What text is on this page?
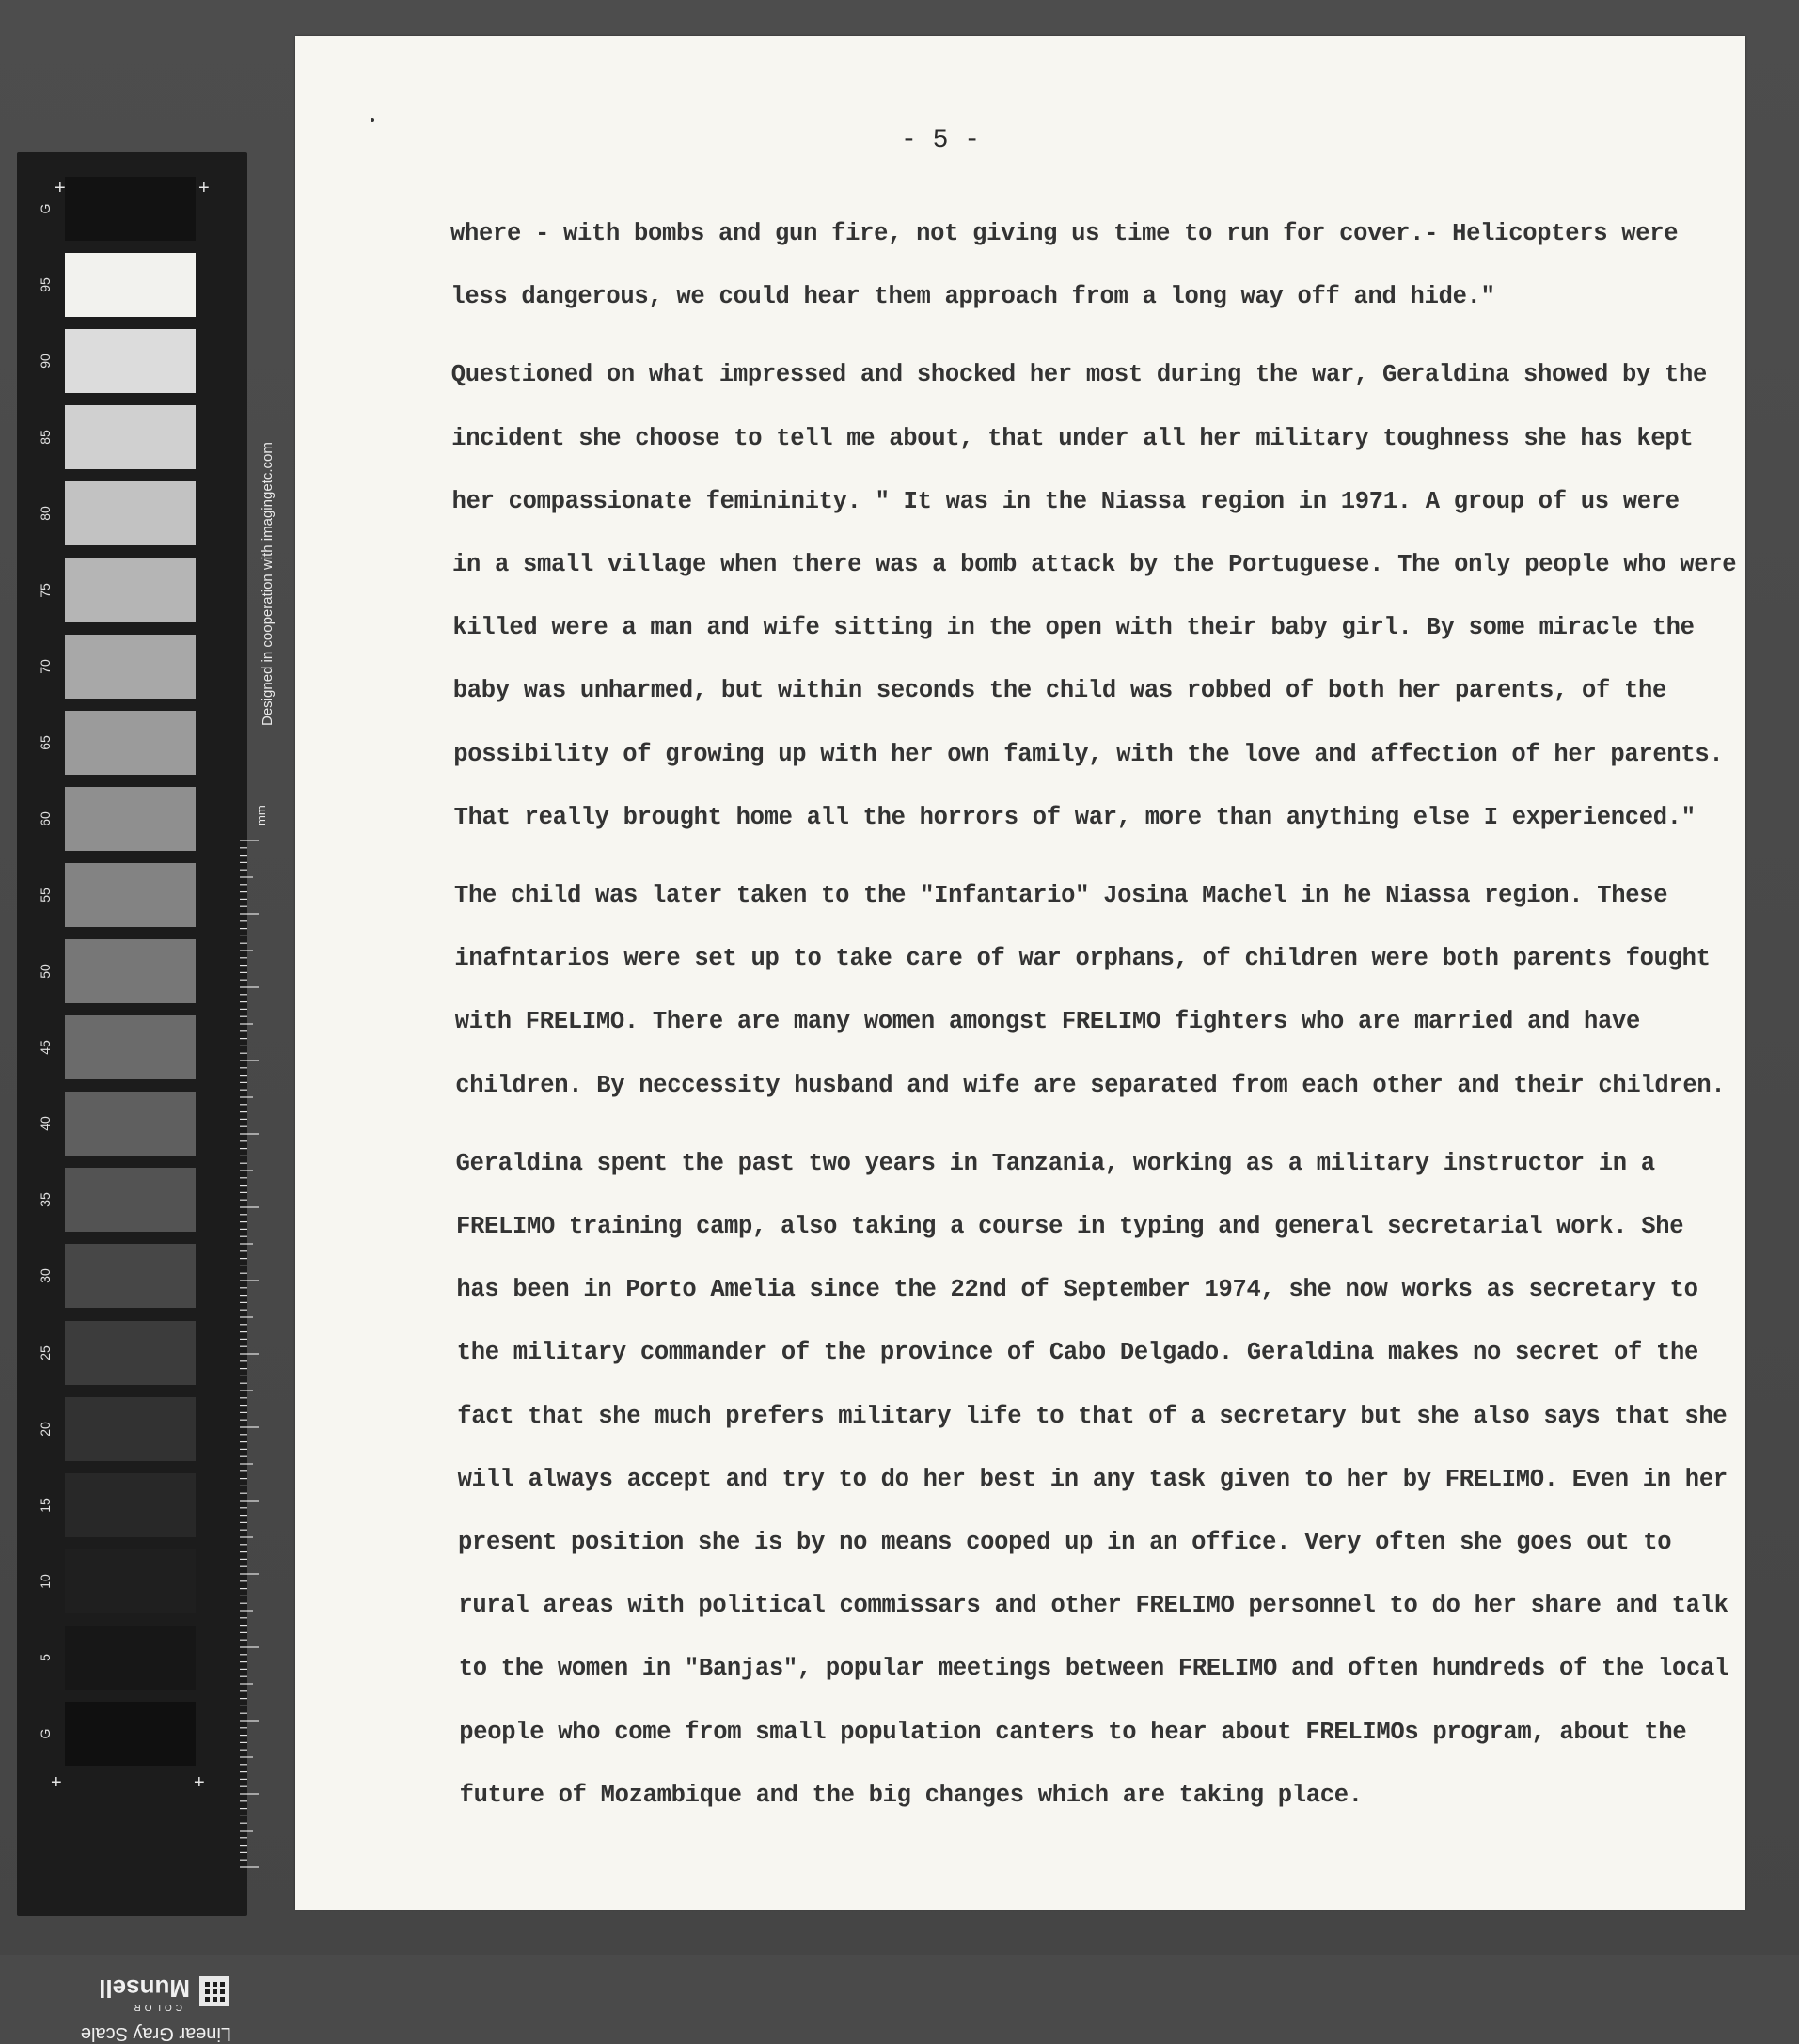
G
95
90
85
80
75
70
65
60
55
50
45
40
35
30
25
20
15
10
5
G
+	+
+	+
Designed in cooperation with imagingetc.com
mm
Linear Gray Scale
COLOR
Munsell
- 5 -
where - with bombs and gun fire, not giving us time to run for cover.- Helicopters were
less dangerous, we could hear them approach from a long way off and hide."
Questioned on what impressed and shocked her most during the war, Geraldina showed by the
incident she choose to tell me about, that under all her military toughness she has kept
her compassionate femininity. " It was in the Niassa region in 1971. A group of us were
in a small village when there was a bomb attack by the Portuguese. The only people who were
killed were a man and wife sitting in the open with their baby girl. By some miracle the
baby was unharmed, but within seconds the child was robbed of both her parents, of the
possibility of growing up with her own family, with the love and affection of her parents.
That really brought home all the horrors of war, more than anything else I experienced."
The child was later taken to the "Infantario" Josina Machel in he Niassa region. These
inafntarios were set up to take care of war orphans, of children were both parents fought
with FRELIMO. There are many women amongst FRELIMO fighters who are married and have
children. By neccessity husband and wife are separated from each other and their children.
Geraldina spent the past two years in Tanzania, working as a military instructor in a
FRELIMO training camp, also taking a course in typing and general secretarial work. She
has been in Porto Amelia since the 22nd of September 1974, she now works as secretary to
the military commander of the province of Cabo Delgado. Geraldina makes no secret of the
fact that she much prefers military life to that of a secretary but she also says that she
will always accept and try to do her best in any task given to her by FRELIMO. Even in her
present position she is by no means cooped up in an office. Very often she goes out to
rural areas with political commissars and other FRELIMO personnel to do her share and talk
to the women in "Banjas", popular meetings between FRELIMO and often hundreds of the local
people who come from small population canters to hear about FRELIMOs program, about the
future of Mozambique and the big changes which are taking place.
